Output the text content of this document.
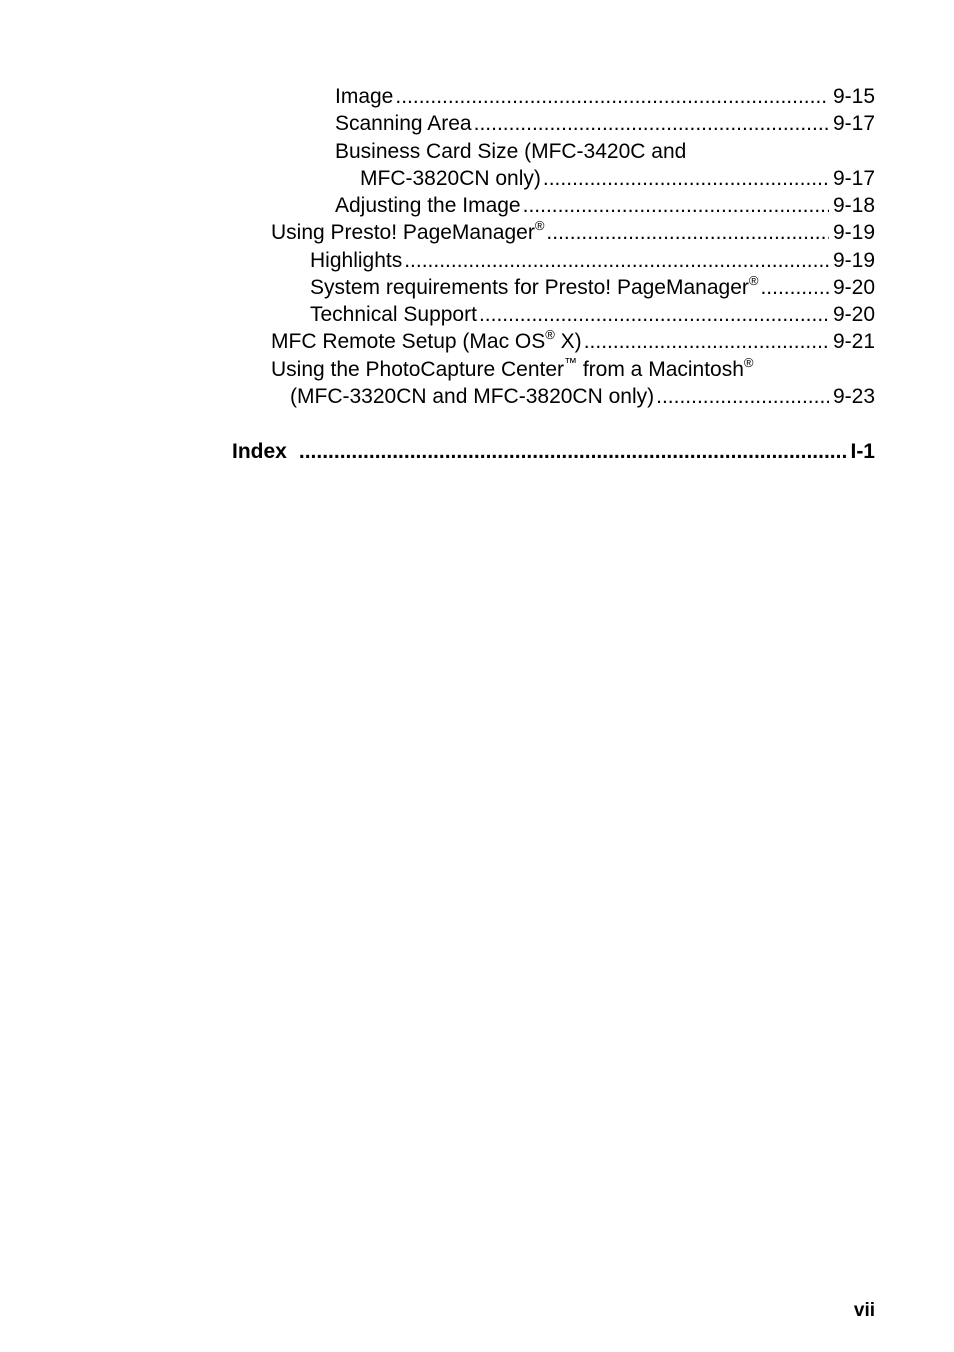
Image .....	9-15
Scanning Area .....	9-17
Business Card Size (MFC-3420C and
MFC-3820CN only) .....	9-17
Adjusting the Image .....	9-18
Using Presto! PageManager® .....	9-19
Highlights .....	9-19
System requirements for Presto! PageManager® .....	9-20
Technical Support .....	9-20
MFC Remote Setup (Mac OS® X) .....	9-21
Using the PhotoCapture Center™ from a Macintosh®
(MFC-3320CN and MFC-3820CN only) .....	9-23
Index .....	I-1
vii
